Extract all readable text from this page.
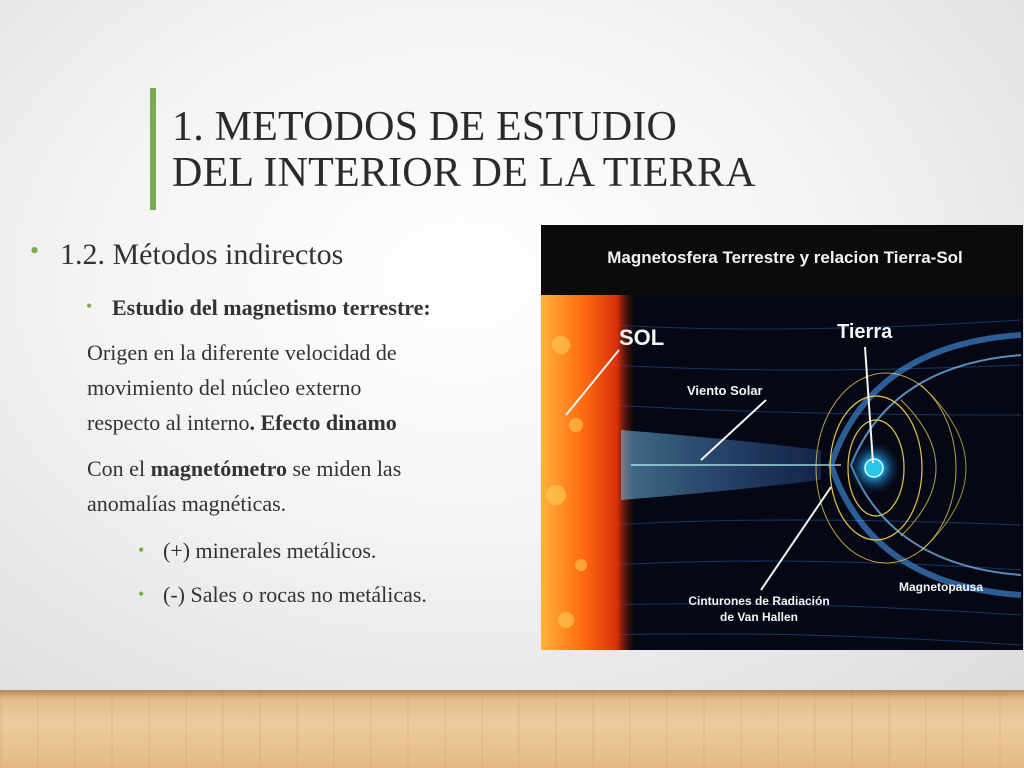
1. METODOS DE ESTUDIO
DEL INTERIOR DE LA TIERRA
• 1.2. Métodos indirectos
• Estudio del magnetismo terrestre:
Origen en la diferente velocidad de
movimiento del núcleo externo
respecto al interno. Efecto dinamo
Con el magnetómetro se miden las
anomalías magnéticas.
• (+) minerales metálicos.
• (-) Sales o rocas no metálicas.
Magnetosfera Terrestre y relacion Tierra-Sol
SOL	Tierra
Viento Solar
Magnetopausa
Cinturones de Radiación
de Van Hallen
